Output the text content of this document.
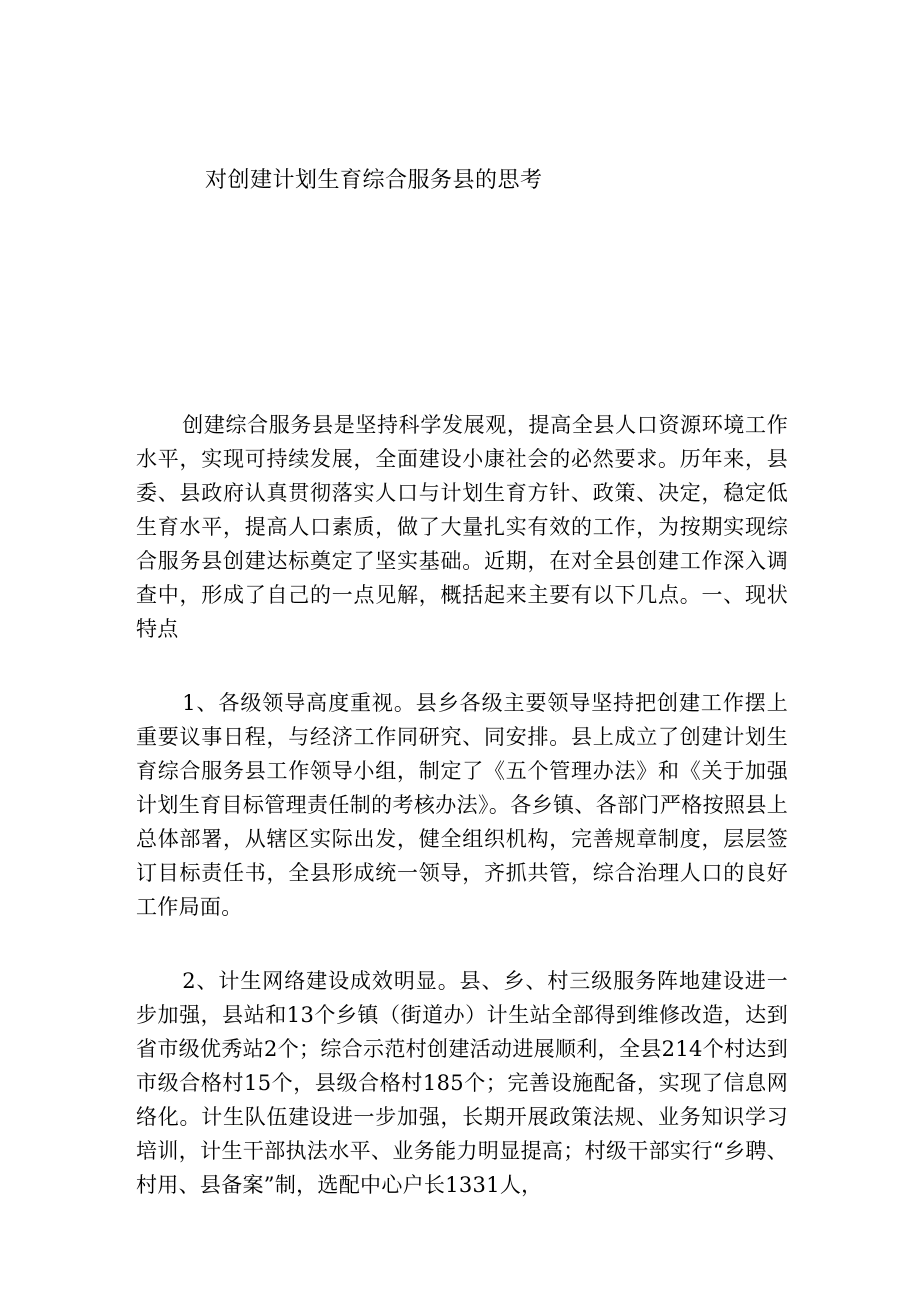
对创建计划生育综合服务县的思考

创建综合服务县是坚持科学发展观，提高全县人口资源环境工作水平，实现可持续发展，全面建设小康社会的必然要求。历年来，县委、县政府认真贯彻落实人口与计划生育方针、政策、决定，稳定低生育水平，提高人口素质，做了大量扎实有效的工作，为按期实现综合服务县创建达标奠定了坚实基础。近期，在对全县创建工作深入调查中，形成了自己的一点见解，概括起来主要有以下几点。一、现状特点

1、各级领导高度重视。县乡各级主要领导坚持把创建工作摆上重要议事日程，与经济工作同研究、同安排。县上成立了创建计划生育综合服务县工作领导小组，制定了《五个管理办法》和《关于加强计划生育目标管理责任制的考核办法》。各乡镇、各部门严格按照县上总体部署，从辖区实际出发，健全组织机构，完善规章制度，层层签订目标责任书，全县形成统一领导，齐抓共管，综合治理人口的良好工作局面。

2、计生网络建设成效明显。县、乡、村三级服务阵地建设进一步加强，县站和13个乡镇（街道办）计生站全部得到维修改造，达到省市级优秀站2个；综合示范村创建活动进展顺利，全县214个村达到市级合格村15个，县级合格村185个；完善设施配备，实现了信息网络化。计生队伍建设进一步加强，长期开展政策法规、业务知识学习培训，计生干部执法水平、业务能力明显提高；村级干部实行“乡聘、村用、县备案”制，选配中心户长1331人，
